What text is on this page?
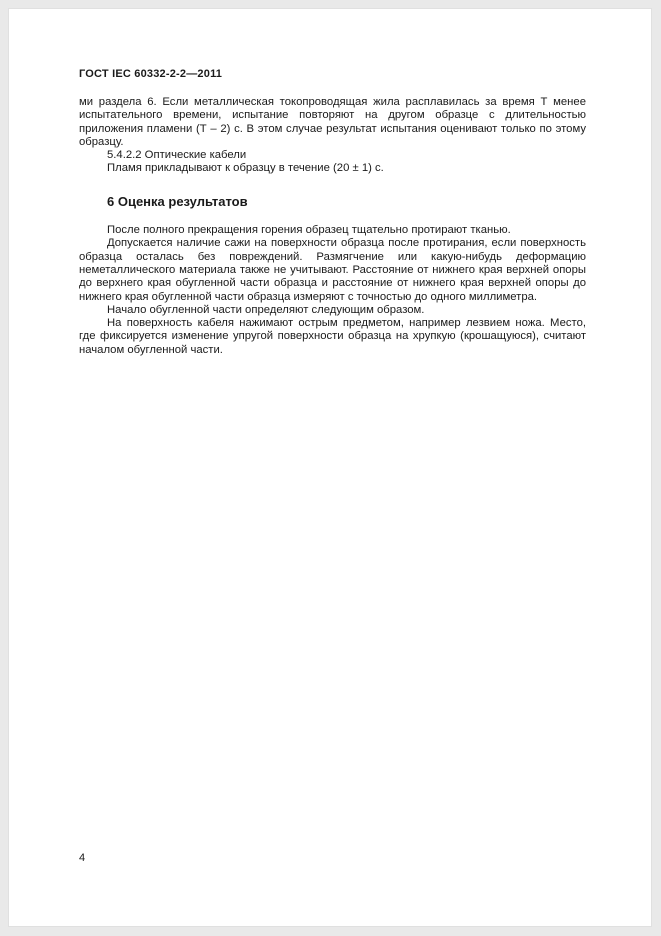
ГОСТ IEC 60332-2-2—2011

ми раздела 6. Если металлическая токопроводящая жила расплавилась за время Т менее испытательного времени, испытание повторяют на другом образце с длительностью приложения пламени (Т – 2) с. В этом случае результат испытания оценивают только по этому образцу.

5.4.2.2 Оптические кабели

Пламя прикладывают к образцу в течение (20 ± 1) с.

6 Оценка результатов

После полного прекращения горения образец тщательно протирают тканью.

Допускается наличие сажи на поверхности образца после протирания, если поверхность образца осталась без повреждений. Размягчение или какую-нибудь деформацию неметаллического материала также не учитывают. Расстояние от нижнего края верхней опоры до верхнего края обугленной части образца и расстояние от нижнего края верхней опоры до нижнего края обугленной части образца измеряют с точностью до одного миллиметра.

Начало обугленной части определяют следующим образом.

На поверхность кабеля нажимают острым предметом, например лезвием ножа. Место, где фиксируется изменение упругой поверхности образца на хрупкую (крошащуюся), считают началом обугленной части.

4
